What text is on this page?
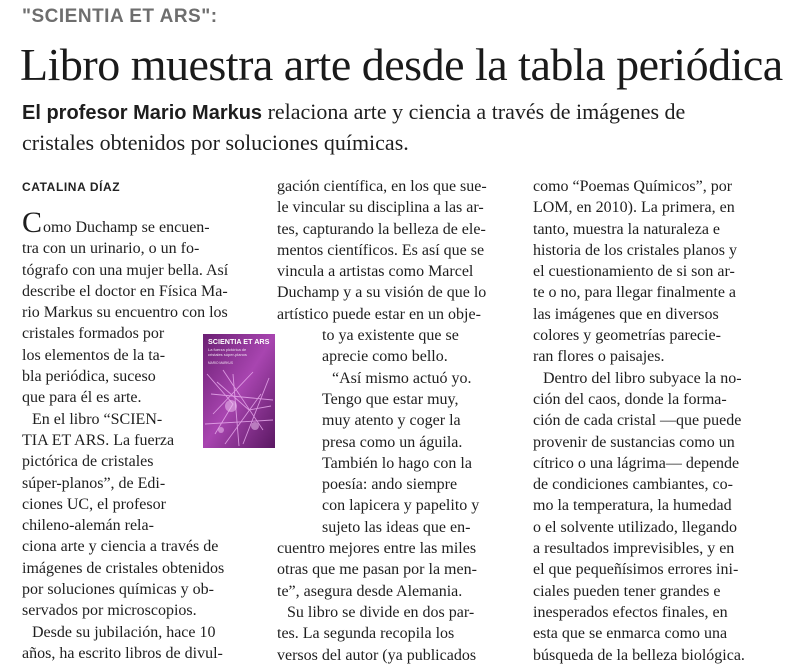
"SCIENTIA ET ARS":
Libro muestra arte desde la tabla periódica
El profesor Mario Markus relaciona arte y ciencia a través de imágenes de
cristales obtenidos por soluciones químicas.
CATALINA DÍAZ
Como Duchamp se encuen-
tra con un urinario, o un fo-
tógrafo con una mujer bella. Así
describe el doctor en Física Ma-
rio Markus su encuentro con los
cristales formados por
los elementos de la ta-
bla periódica, suceso
que para él es arte.
En el libro “SCIEN-
TIA ET ARS. La fuerza
pictórica de cristales
súper-planos”, de Edi-
ciones UC, el profesor
chileno-alemán rela-
ciona arte y ciencia a través de
imágenes de cristales obtenidos
por soluciones químicas y ob-
servados por microscopios.
Desde su jubilación, hace 10
años, ha escrito libros de divul-
gación científica, en los que sue-
le vincular su disciplina a las ar-
tes, capturando la belleza de ele-
mentos científicos. Es así que se
vincula a artistas como Marcel
Duchamp y a su visión de que lo
artístico puede estar en un obje-
to ya existente que se
aprecie como bello.
“Así mismo actuó yo.
Tengo que estar muy,
muy atento y coger la
presa como un águila.
También lo hago con la
poesía: ando siempre
con lapicera y papelito y
sujeto las ideas que en-
cuentro mejores entre las miles
otras que me pasan por la men-
te”, asegura desde Alemania.
Su libro se divide en dos par-
tes. La segunda recopila los
versos del autor (ya publicados
como “Poemas Químicos”, por
LOM, en 2010). La primera, en
tanto, muestra la naturaleza e
historia de los cristales planos y
el cuestionamiento de si son ar-
te o no, para llegar finalmente a
las imágenes que en diversos
colores y geometrías parecie-
ran flores o paisajes.
Dentro del libro subyace la no-
ción del caos, donde la forma-
ción de cada cristal —que puede
provenir de sustancias como un
cítrico o una lágrima— depende
de condiciones cambiantes, co-
mo la temperatura, la humedad
o el solvente utilizado, llegando
a resultados imprevisibles, y en
el que pequeñísimos errores ini-
ciales pueden tener grandes e
inesperados efectos finales, en
esta que se enmarca como una
búsqueda de la belleza biológica.
SCIENTIA ET ARS
La fuerza pictórica de
cristales súper-planos
MARIO MARKUS
